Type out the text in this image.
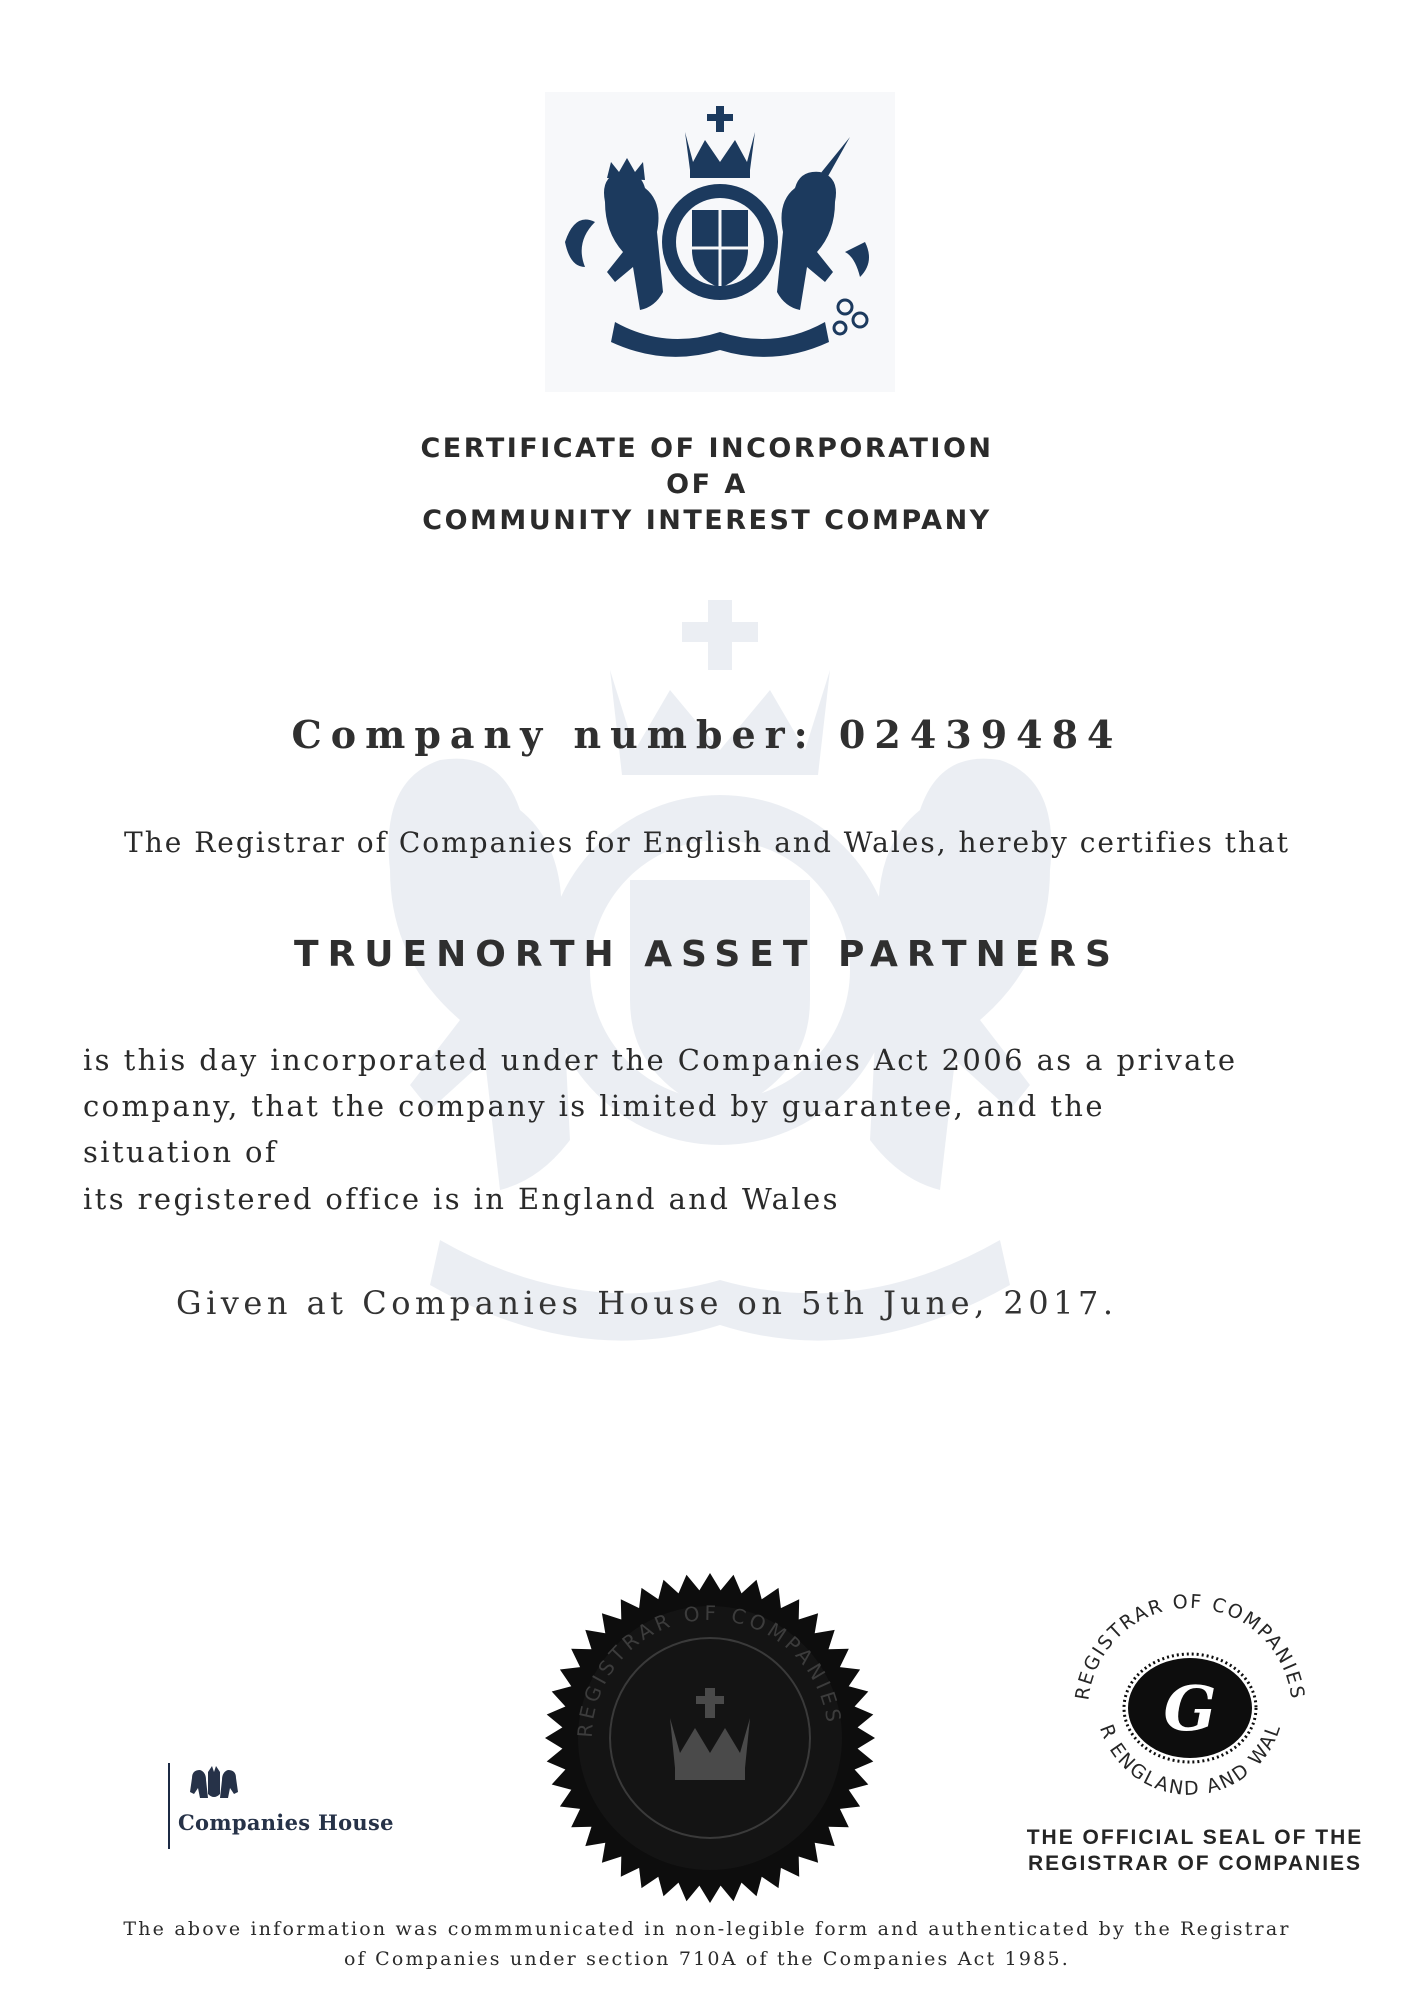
CERTIFICATE OF INCORPORATION
OF A
COMMUNITY INTEREST COMPANY
Company number: 02439484
The Registrar of Companies for English and Wales, hereby certifies that
TRUENORTH ASSET PARTNERS
is this day incorporated under the Companies Act 2006 as a private
company, that the company is limited by guarantee, and the
situation of
its registered office is in England and Wales
Given at Companies House on 5th June, 2017.
Companies House
REGISTRAR OF COMPANIES
REGISTRAR OF COMPANIES
R ENGLAND AND WAL
G
THE OFFICIAL SEAL OF THE
REGISTRAR OF COMPANIES
The above information was commmunicated in non-legible form and authenticated by the Registrar
of Companies under section 710A of the Companies Act 1985.
